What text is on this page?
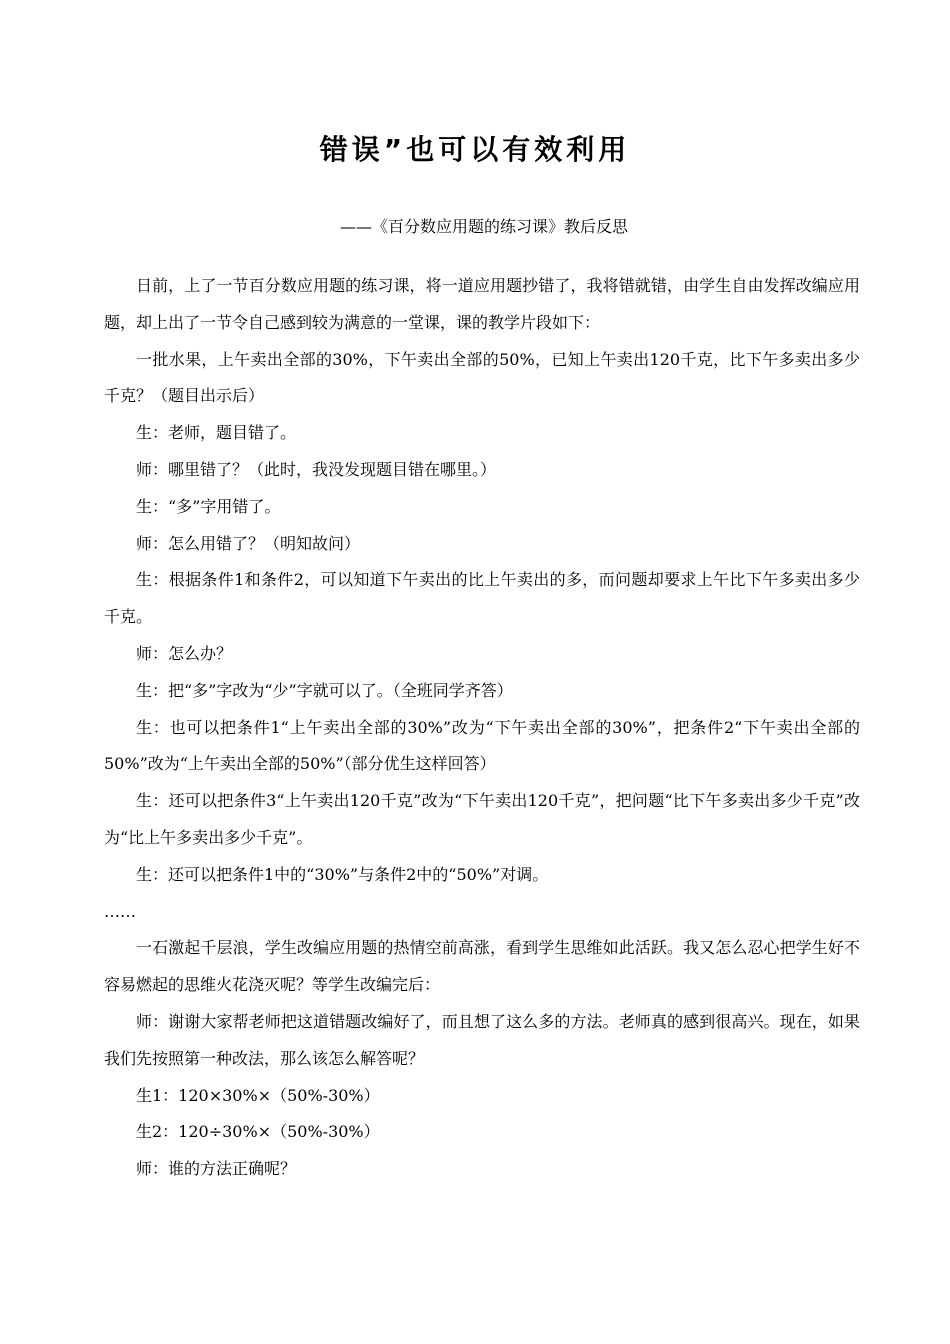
错误”也可以有效利用
——《百分数应用题的练习课》教后反思

日前，上了一节百分数应用题的练习课，将一道应用题抄错了，我将错就错，由学生自由发挥改编应用题，却上出了一节令自己感到较为满意的一堂课，课的教学片段如下：

一批水果，上午卖出全部的30%，下午卖出全部的50%，已知上午卖出120千克，比下午多卖出多少千克？（题目出示后）

生：老师，题目错了。

师：哪里错了？（此时，我没发现题目错在哪里。）

生：“多”字用错了。

师：怎么用错了？（明知故问）

生：根据条件1和条件2，可以知道下午卖出的比上午卖出的多，而问题却要求上午比下午多卖出多少千克。

师：怎么办？

生：把“多”字改为“少”字就可以了。（全班同学齐答）

生：也可以把条件1“上午卖出全部的30%”改为“下午卖出全部的30%”，把条件2“下午卖出全部的50%”改为“上午卖出全部的50%”（部分优生这样回答）

生：还可以把条件3“上午卖出120千克”改为“下午卖出120千克”，把问题“比下午多卖出多少千克”改为“比上午多卖出多少千克”。

生：还可以把条件1中的“30%”与条件2中的“50%”对调。

……

一石激起千层浪，学生改编应用题的热情空前高涨，看到学生思维如此活跃。我又怎么忍心把学生好不容易燃起的思维火花浇灭呢？等学生改编完后：

师：谢谢大家帮老师把这道错题改编好了，而且想了这么多的方法。老师真的感到很高兴。现在，如果我们先按照第一种改法，那么该怎么解答呢？

生1：120×30%×（50%-30%）

生2：120÷30%×（50%-30%）

师：谁的方法正确呢？
